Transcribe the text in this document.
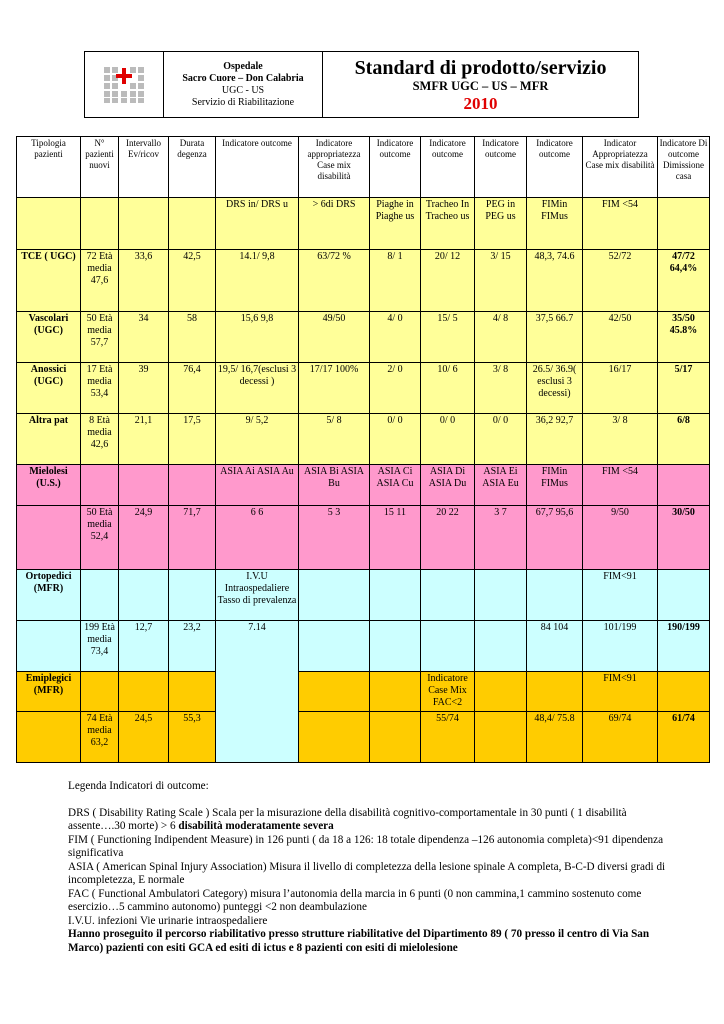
Ospedale
Sacro Cuore – Don Calabria
UGC - US
Servizio di Riabilitazione
Standard di prodotto/servizio
SMFR UGC – US – MFR
2010
Tipologia pazienti	N° pazienti nuovi	Intervallo Ev/ricov	Durata degenza	Indicatore outcome	Indicatore appropriatezza Case mix disabilità	Indicatore outcome	Indicatore outcome	Indicatore outcome	Indicatore outcome	Indicator Appropriatezza Case mix disabilità	Indicatore Di outcome Dimissione casa
				DRS in/ DRS u	> 6di DRS	Piaghe in Piaghe us	Tracheo In Tracheo us	PEG in PEG us	FIMin FIMus	FIM <54	
TCE ( UGC)	72 Età media 47,6	33,6	42,5	14.1/ 9,8	63/72 %	8/ 1	20/ 12	3/ 15	48,3, 74.6	52/72	47/72 64,4%
Vascolari (UGC)	50 Età media 57,7	34	58	15,6 9,8	49/50	4/ 0	15/ 5	4/ 8	37,5 66.7	42/50	35/50 45.8%
Anossici (UGC)	17 Età media 53,4	39	76,4	19,5/ 16,7(esclusi 3 decessi )	17/17 100%	2/ 0	10/ 6	3/ 8	26.5/ 36.9( esclusi 3 decessi)	16/17	5/17
Altra pat	8 Età media 42,6	21,1	17,5	9/ 5,2	5/ 8	0/ 0	0/ 0	0/ 0	36,2 92,7	3/ 8	6/8
Mielolesi (U.S.)				ASIA Ai ASIA Au	ASIA Bi ASIA Bu	ASIA Ci ASIA Cu	ASIA Di ASIA Du	ASIA Ei ASIA Eu	FIMin FIMus	FIM <54	
	50 Età media 52,4	24,9	71,7	6 6	5 3	15 11	20 22	3 7	67,7 95,6	9/50	30/50
Ortopedici (MFR)				I.V.U Intraospedaliere Tasso di prevalenza						FIM<91	
	199 Età media 73,4	12,7	23,2	7.14					84 104	101/199	190/199
Emiplegici (MFR)							Indicatore Case Mix FAC<2			FIM<91	
	74 Età media 63,2	24,5	55,3				55/74		48,4/ 75.8	69/74	61/74

Legenda Indicatori di outcome:

DRS ( Disability Rating Scale ) Scala per la misurazione della disabilità cognitivo-comportamentale in 30 punti ( 1 disabilità assente….30 morte) > 6 disabilità moderatamente severa

FIM ( Functioning Indipendent Measure) in 126 punti ( da 18 a 126: 18 totale dipendenza –126 autonomia completa)<91 dipendenza significativa

ASIA ( American Spinal Injury Association) Misura il livello di completezza della lesione spinale A completa, B-C-D diversi gradi di incompletezza, E normale

FAC ( Functional Ambulatori Category) misura l’autonomia della marcia in 6 punti (0 non cammina,1 cammino sostenuto come esercizio…5 cammino autonomo) punteggi <2 non deambulazione

I.V.U. infezioni Vie urinarie intraospedaliere

Hanno proseguito il percorso riabilitativo presso strutture riabilitative del Dipartimento 89 ( 70 presso il centro di Via San Marco) pazienti con esiti GCA ed esiti di ictus e 8 pazienti con esiti di mielolesione
